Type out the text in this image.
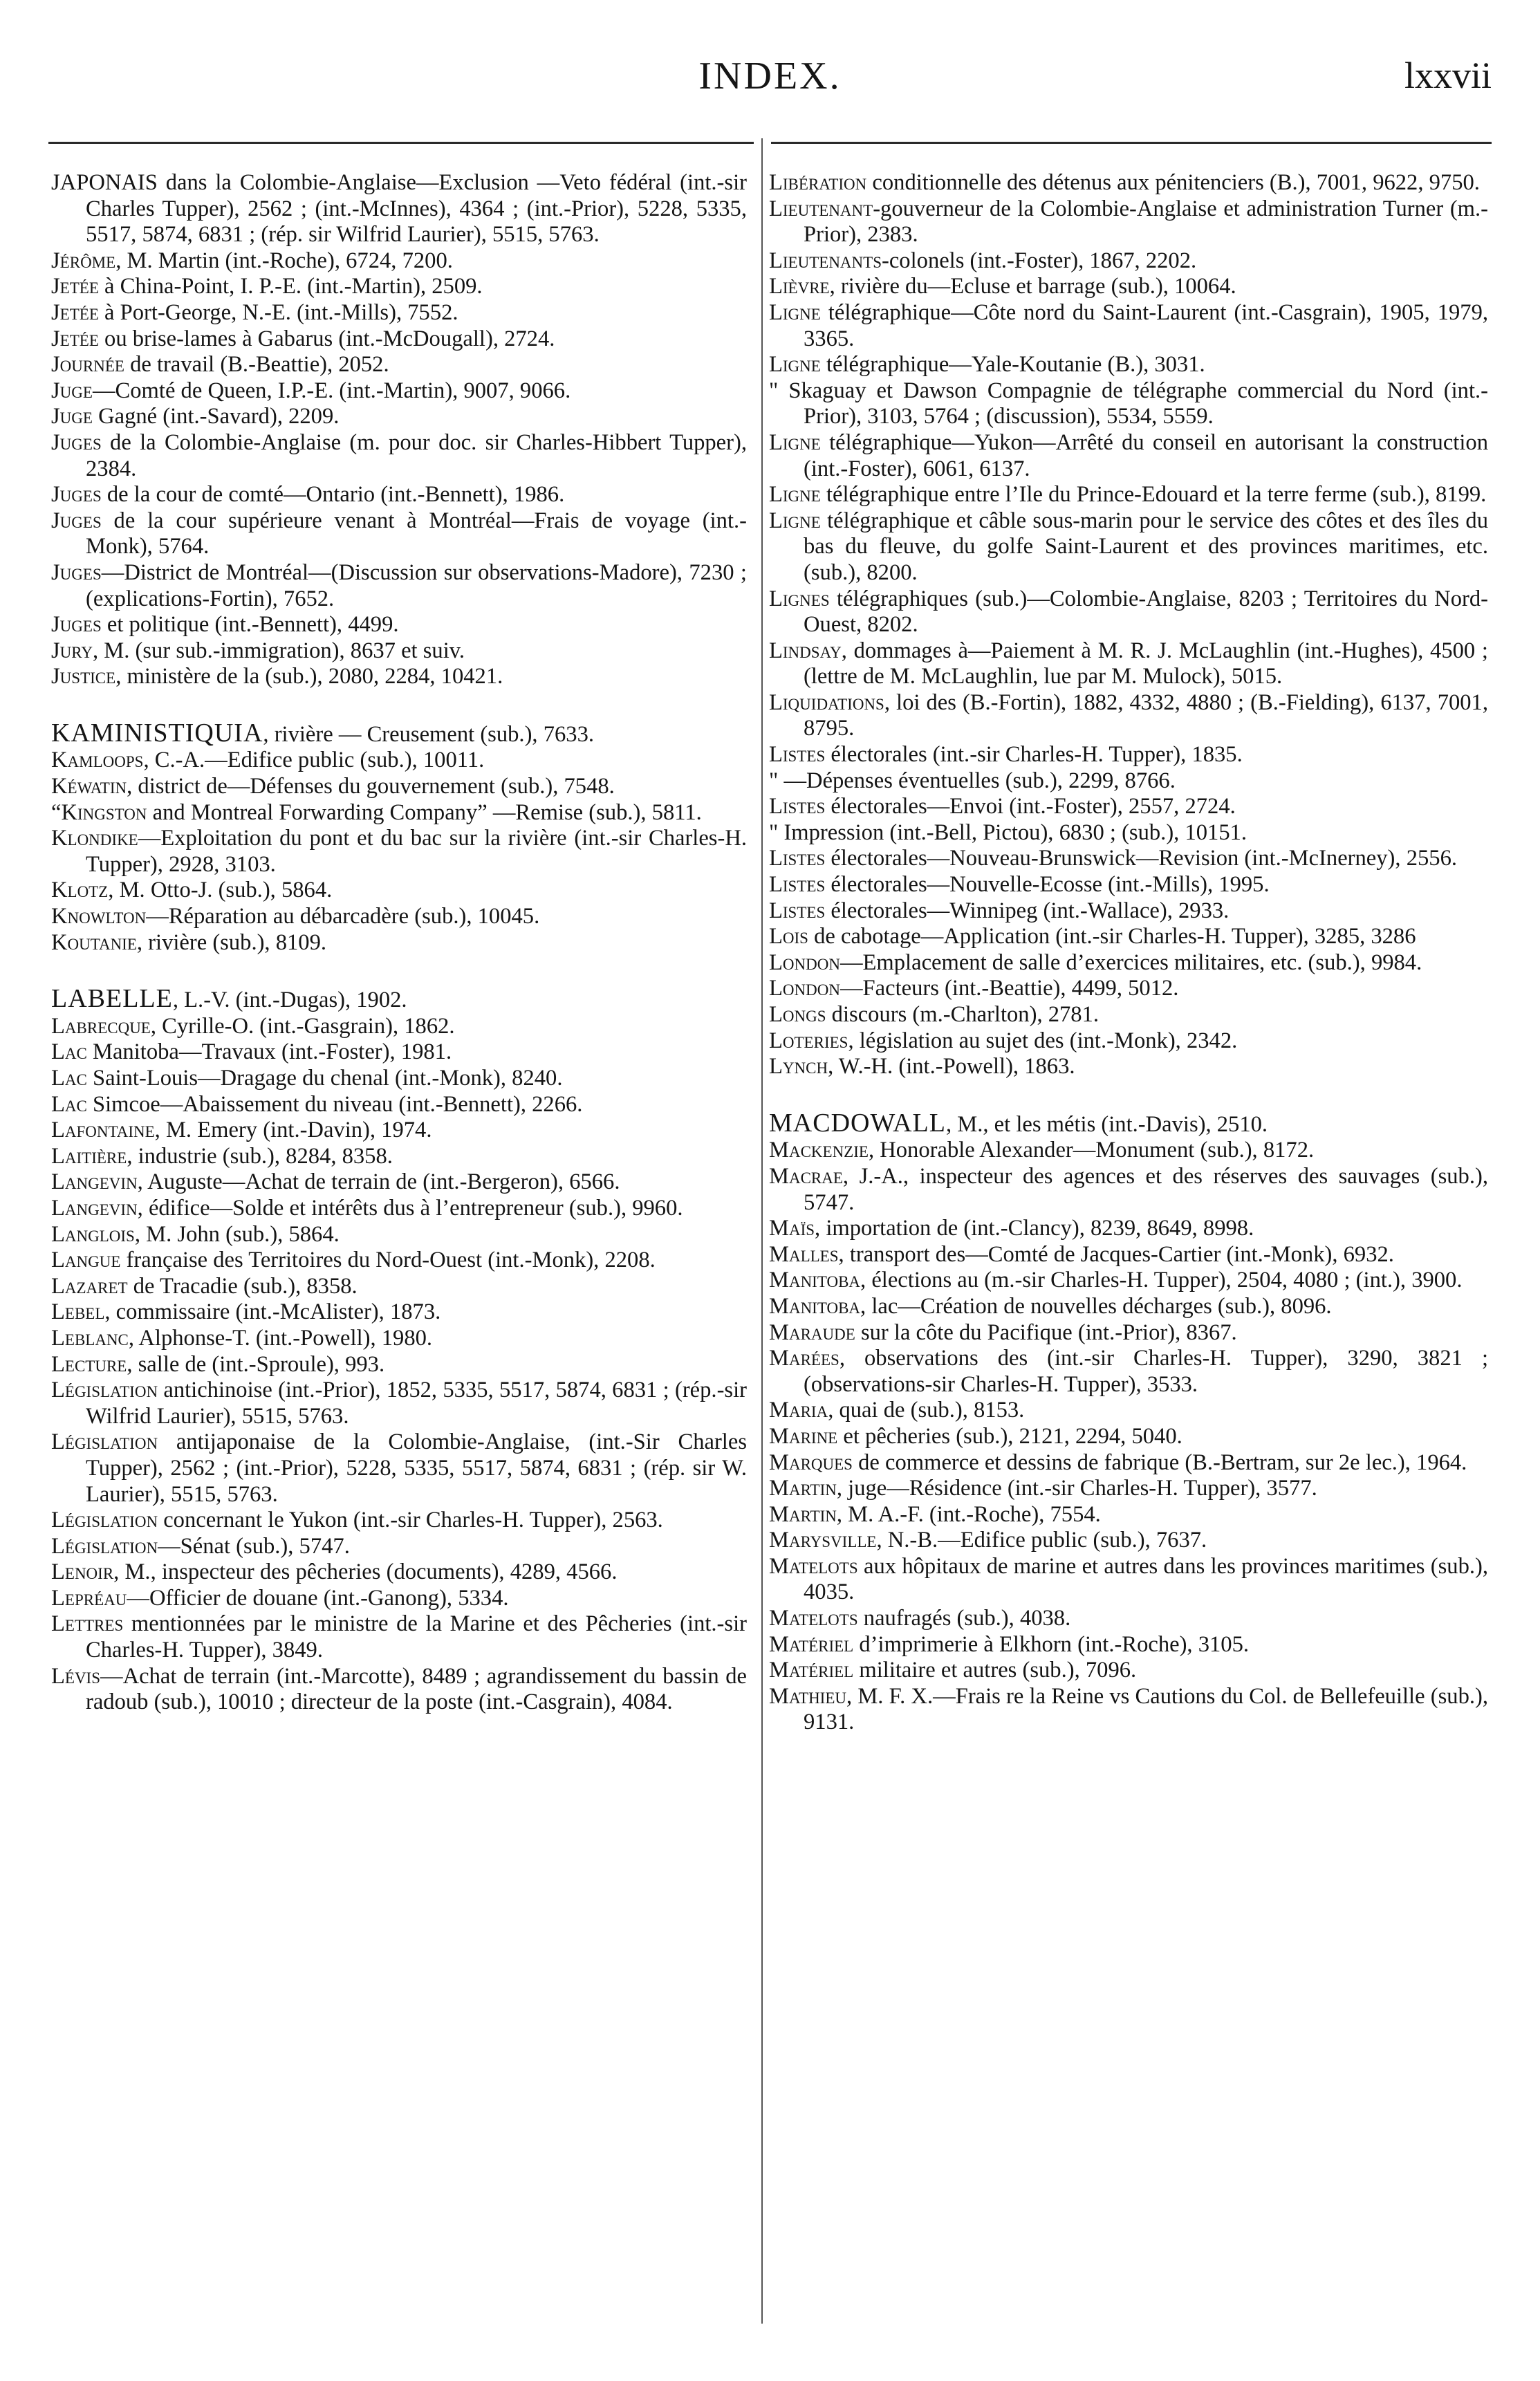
INDEX.	lxxvii

JAPONAIS dans la Colombie-Anglaise—Exclusion —Veto fédéral (int.-sir Charles Tupper), 2562 ; (int.-McInnes), 4364 ; (int.-Prior), 5228, 5335, 5517, 5874, 6831 ; (rép. sir Wilfrid Laurier), 5515, 5763.

Jérôme, M. Martin (int.-Roche), 6724, 7200.

Jetée à China-Point, I. P.-E. (int.-Martin), 2509.

Jetée à Port-George, N.-E. (int.-Mills), 7552.

Jetée ou brise-lames à Gabarus (int.-McDougall), 2724.

Journée de travail (B.-Beattie), 2052.

Juge—Comté de Queen, I.P.-E. (int.-Martin), 9007, 9066.

Juge Gagné (int.-Savard), 2209.

Juges de la Colombie-Anglaise (m. pour doc. sir Charles-Hibbert Tupper), 2384.

Juges de la cour de comté—Ontario (int.-Bennett), 1986.

Juges de la cour supérieure venant à Montréal—Frais de voyage (int.-Monk), 5764.

Juges—District de Montréal—(Discussion sur observations-Madore), 7230 ; (explications-Fortin), 7652.

Juges et politique (int.-Bennett), 4499.

Jury, M. (sur sub.-immigration), 8637 et suiv.

Justice, ministère de la (sub.), 2080, 2284, 10421.

KAMINISTIQUIA, rivière — Creusement (sub.), 7633.

Kamloops, C.-A.—Edifice public (sub.), 10011.

Kéwatin, district de—Défenses du gouvernement (sub.), 7548.

“Kingston and Montreal Forwarding Company” —Remise (sub.), 5811.

Klondike—Exploitation du pont et du bac sur la rivière (int.-sir Charles-H. Tupper), 2928, 3103.

Klotz, M. Otto-J. (sub.), 5864.

Knowlton—Réparation au débarcadère (sub.), 10045.

Koutanie, rivière (sub.), 8109.

LABELLE, L.-V. (int.-Dugas), 1902.

Labrecque, Cyrille-O. (int.-Gasgrain), 1862.

Lac Manitoba—Travaux (int.-Foster), 1981.

Lac Saint-Louis—Dragage du chenal (int.-Monk), 8240.

Lac Simcoe—Abaissement du niveau (int.-Bennett), 2266.

Lafontaine, M. Emery (int.-Davin), 1974.

Laitière, industrie (sub.), 8284, 8358.

Langevin, Auguste—Achat de terrain de (int.-Bergeron), 6566.

Langevin, édifice—Solde et intérêts dus à l’entrepreneur (sub.), 9960.

Langlois, M. John (sub.), 5864.

Langue française des Territoires du Nord-Ouest (int.-Monk), 2208.

Lazaret de Tracadie (sub.), 8358.

Lebel, commissaire (int.-McAlister), 1873.

Leblanc, Alphonse-T. (int.-Powell), 1980.

Lecture, salle de (int.-Sproule), 993.

Législation antichinoise (int.-Prior), 1852, 5335, 5517, 5874, 6831 ; (rép.-sir Wilfrid Laurier), 5515, 5763.

Législation antijaponaise de la Colombie-Anglaise, (int.-Sir Charles Tupper), 2562 ; (int.-Prior), 5228, 5335, 5517, 5874, 6831 ; (rép. sir W. Laurier), 5515, 5763.

Législation concernant le Yukon (int.-sir Charles-H. Tupper), 2563.

Législation—Sénat (sub.), 5747.

Lenoir, M., inspecteur des pêcheries (documents), 4289, 4566.

Lepréau—Officier de douane (int.-Ganong), 5334.

Lettres mentionnées par le ministre de la Marine et des Pêcheries (int.-sir Charles-H. Tupper), 3849.

Lévis—Achat de terrain (int.-Marcotte), 8489 ; agrandissement du bassin de radoub (sub.), 10010 ; directeur de la poste (int.-Casgrain), 4084.

Libération conditionnelle des détenus aux pénitenciers (B.), 7001, 9622, 9750.

Lieutenant-gouverneur de la Colombie-Anglaise et administration Turner (m.-Prior), 2383.

Lieutenants-colonels (int.-Foster), 1867, 2202.

Lièvre, rivière du—Ecluse et barrage (sub.), 10064.

Ligne télégraphique—Côte nord du Saint-Laurent (int.-Casgrain), 1905, 1979, 3365.

Ligne télégraphique—Yale-Koutanie (B.), 3031.

" Skaguay et Dawson Compagnie de télégraphe commercial du Nord (int.-Prior), 3103, 5764 ; (discussion), 5534, 5559.

Ligne télégraphique—Yukon—Arrêté du conseil en autorisant la construction (int.-Foster), 6061, 6137.

Ligne télégraphique entre l’Ile du Prince-Edouard et la terre ferme (sub.), 8199.

Ligne télégraphique et câble sous-marin pour le service des côtes et des îles du bas du fleuve, du golfe Saint-Laurent et des provinces maritimes, etc. (sub.), 8200.

Lignes télégraphiques (sub.)—Colombie-Anglaise, 8203 ; Territoires du Nord-Ouest, 8202.

Lindsay, dommages à—Paiement à M. R. J. McLaughlin (int.-Hughes), 4500 ; (lettre de M. McLaughlin, lue par M. Mulock), 5015.

Liquidations, loi des (B.-Fortin), 1882, 4332, 4880 ; (B.-Fielding), 6137, 7001, 8795.

Listes électorales (int.-sir Charles-H. Tupper), 1835.

" —Dépenses éventuelles (sub.), 2299, 8766.

Listes électorales—Envoi (int.-Foster), 2557, 2724.

" Impression (int.-Bell, Pictou), 6830 ; (sub.), 10151.

Listes électorales—Nouveau-Brunswick—Revision (int.-McInerney), 2556.

Listes électorales—Nouvelle-Ecosse (int.-Mills), 1995.

Listes électorales—Winnipeg (int.-Wallace), 2933.

Lois de cabotage—Application (int.-sir Charles-H. Tupper), 3285, 3286

London—Emplacement de salle d’exercices militaires, etc. (sub.), 9984.

London—Facteurs (int.-Beattie), 4499, 5012.

Longs discours (m.-Charlton), 2781.

Loteries, législation au sujet des (int.-Monk), 2342.

Lynch, W.-H. (int.-Powell), 1863.

MACDOWALL, M., et les métis (int.-Davis), 2510.

Mackenzie, Honorable Alexander—Monument (sub.), 8172.

Macrae, J.-A., inspecteur des agences et des réserves des sauvages (sub.), 5747.

Maïs, importation de (int.-Clancy), 8239, 8649, 8998.

Malles, transport des—Comté de Jacques-Cartier (int.-Monk), 6932.

Manitoba, élections au (m.-sir Charles-H. Tupper), 2504, 4080 ; (int.), 3900.

Manitoba, lac—Création de nouvelles décharges (sub.), 8096.

Maraude sur la côte du Pacifique (int.-Prior), 8367.

Marées, observations des (int.-sir Charles-H. Tupper), 3290, 3821 ; (observations-sir Charles-H. Tupper), 3533.

Maria, quai de (sub.), 8153.

Marine et pêcheries (sub.), 2121, 2294, 5040.

Marques de commerce et dessins de fabrique (B.-Bertram, sur 2e lec.), 1964.

Martin, juge—Résidence (int.-sir Charles-H. Tupper), 3577.

Martin, M. A.-F. (int.-Roche), 7554.

Marysville, N.-B.—Edifice public (sub.), 7637.

Matelots aux hôpitaux de marine et autres dans les provinces maritimes (sub.), 4035.

Matelots naufragés (sub.), 4038.

Matériel d’imprimerie à Elkhorn (int.-Roche), 3105.

Matériel militaire et autres (sub.), 7096.

Mathieu, M. F. X.—Frais re la Reine vs Cautions du Col. de Bellefeuille (sub.), 9131.
